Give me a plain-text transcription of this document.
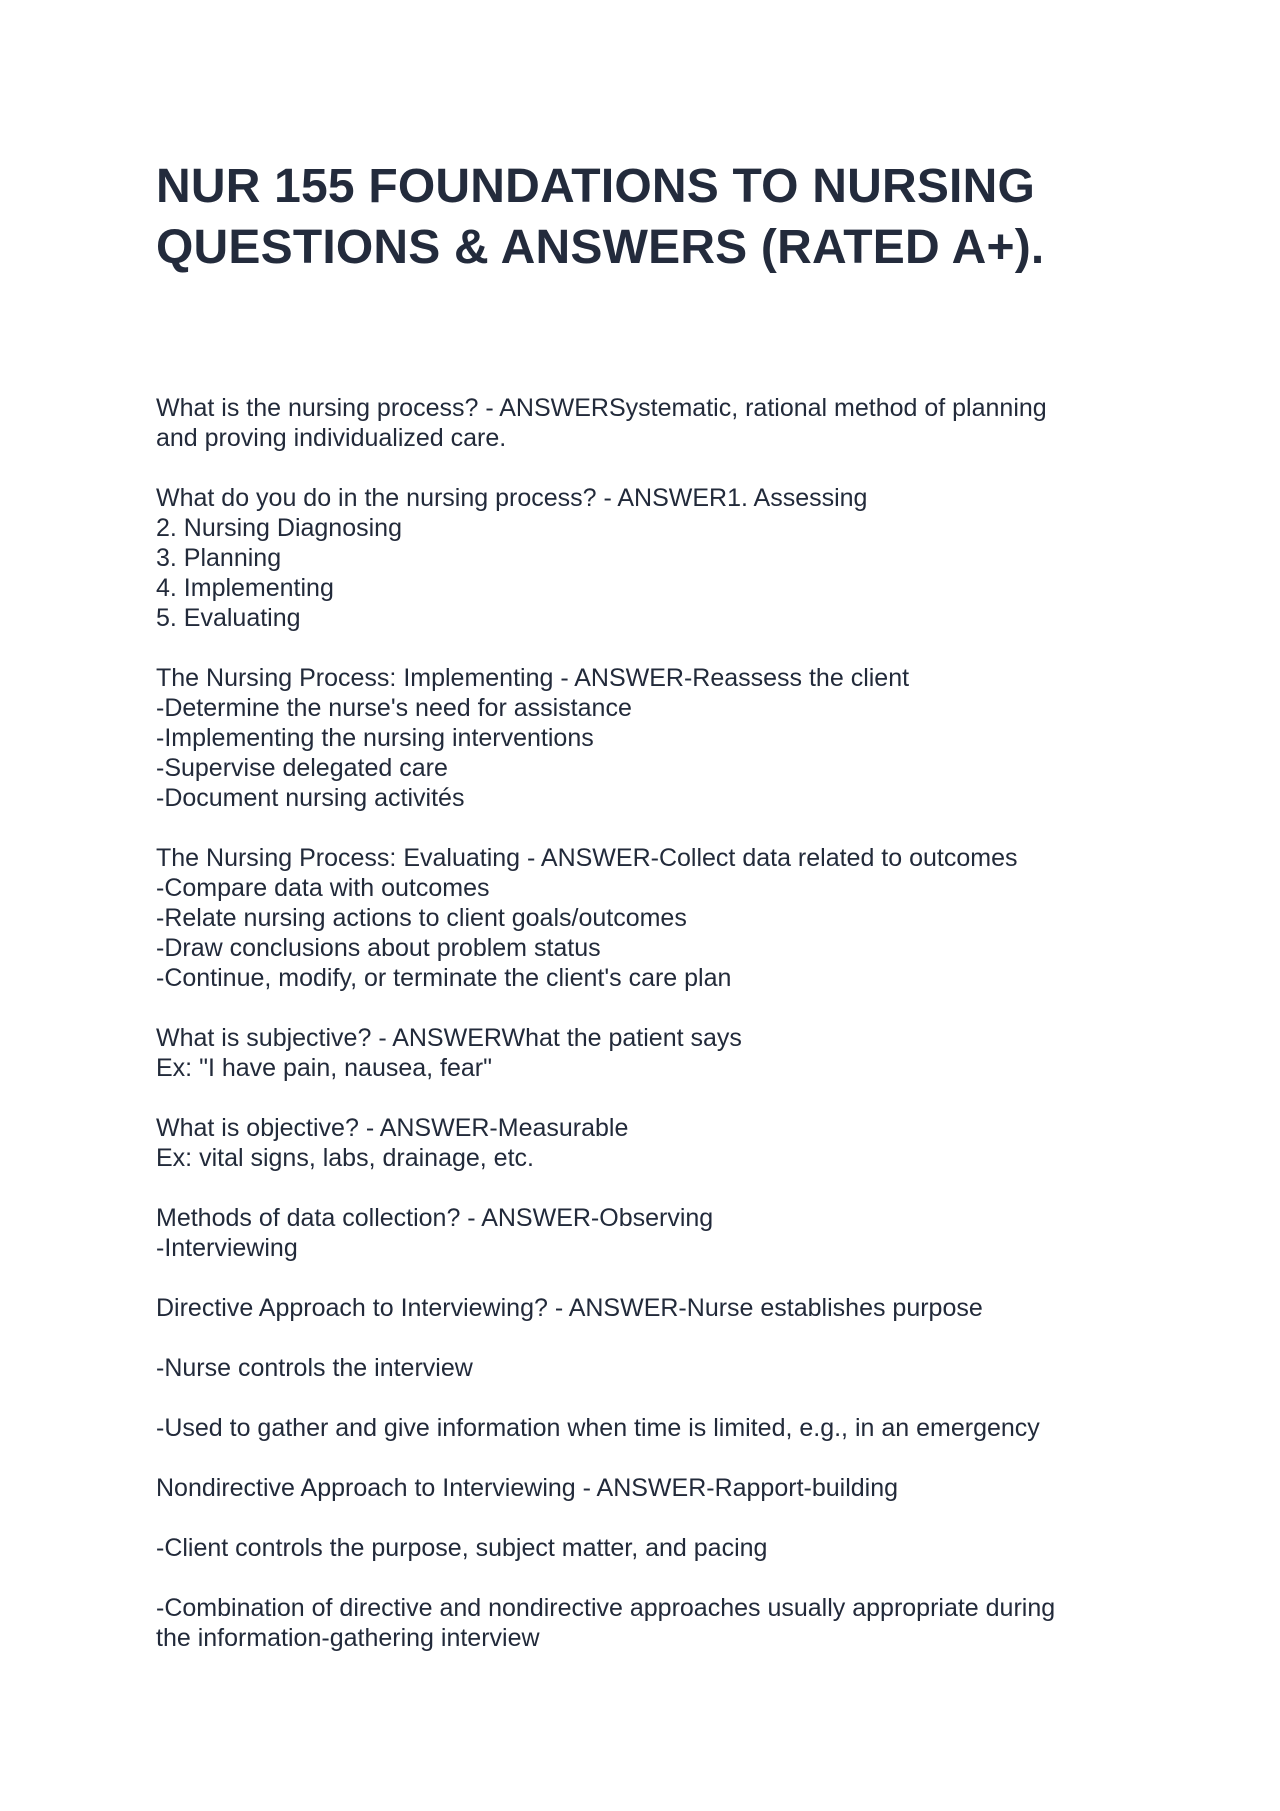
NUR 155 FOUNDATIONS TO NURSING
QUESTIONS & ANSWERS (RATED A+).
What is the nursing process? - ANSWERSystematic, rational method of planning
and proving individualized care.
What do you do in the nursing process? - ANSWER1. Assessing
2. Nursing Diagnosing
3. Planning
4. Implementing
5. Evaluating
The Nursing Process: Implementing - ANSWER-Reassess the client
-Determine the nurse's need for assistance
-Implementing the nursing interventions
-Supervise delegated care
-Document nursing activités
The Nursing Process: Evaluating - ANSWER-Collect data related to outcomes
-Compare data with outcomes
-Relate nursing actions to client goals/outcomes
-Draw conclusions about problem status
-Continue, modify, or terminate the client's care plan
What is subjective? - ANSWERWhat the patient says
Ex: "I have pain, nausea, fear"
What is objective? - ANSWER-Measurable
Ex: vital signs, labs, drainage, etc.
Methods of data collection? - ANSWER-Observing
-Interviewing
Directive Approach to Interviewing? - ANSWER-Nurse establishes purpose
-Nurse controls the interview
-Used to gather and give information when time is limited, e.g., in an emergency
Nondirective Approach to Interviewing - ANSWER-Rapport-building
-Client controls the purpose, subject matter, and pacing
-Combination of directive and nondirective approaches usually appropriate during
the information-gathering interview
